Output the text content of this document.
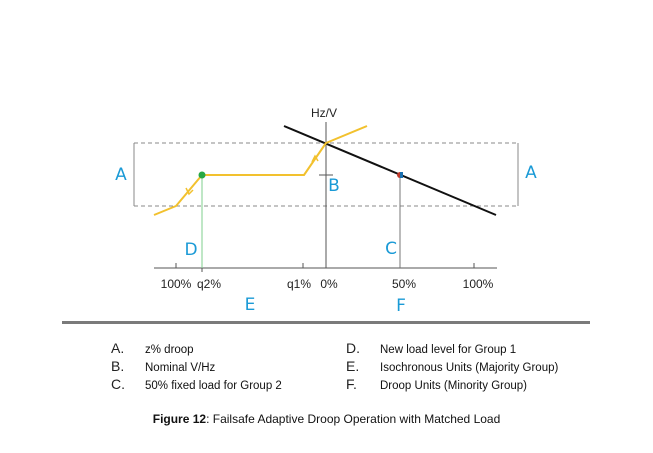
Hz/V
A	A
B
C
D
E	F
100% q2%	q1% 0%	50%	100%
A.	z% droop
B.	Nominal V/Hz
C.	50% fixed load for Group 2
D.	New load level for Group 1
E.	Isochronous Units (Majority Group)
F.	Droop Units (Minority Group)
Figure 12: Failsafe Adaptive Droop Operation with Matched Load
